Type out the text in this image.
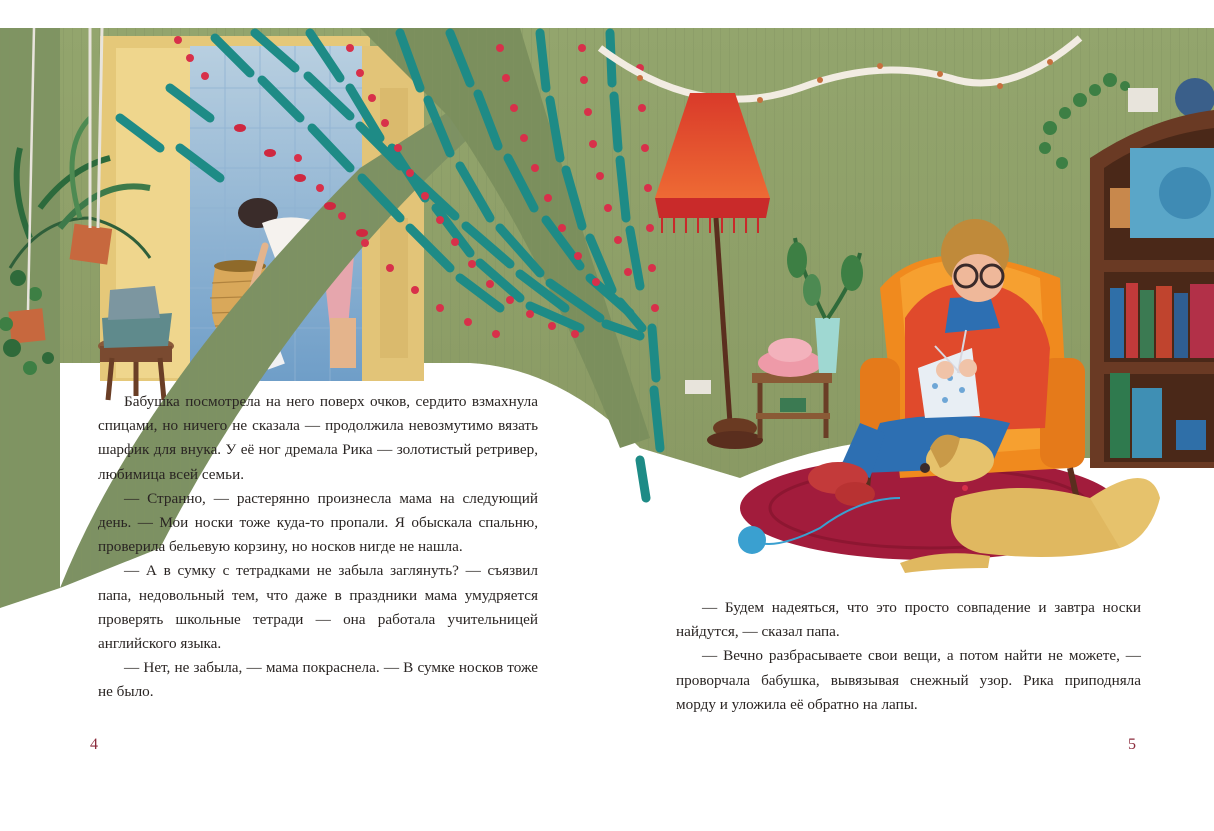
Бабушка посмотрела на него поверх очков, сердито взмахнула спицами, но ничего не сказала — продолжила невозмутимо вязать шарфик для внука. У её ног дремала Рика — золотистый ретривер, любимица всей семьи.

— Странно, — растерянно произнесла мама на следующий день. — Мои носки тоже куда-то пропали. Я обыскала спальню, проверила бельевую корзину, но носков нигде не нашла.

— А в сумку с тетрадками не забыла заглянуть? — съязвил папа, недовольный тем, что даже в праздники мама умудряется проверять школьные тетради — она работала учительницей английского языка.

— Нет, не забыла, — мама покраснела. — В сумке носков тоже не было.

— Будем надеяться, что это просто совпадение и завтра носки найдутся, — сказал папа.

— Вечно разбрасываете свои вещи, а потом найти не можете, — проворчала бабушка, вывязывая снежный узор. Рика приподняла морду и уложила её обратно на лапы.

4	5
